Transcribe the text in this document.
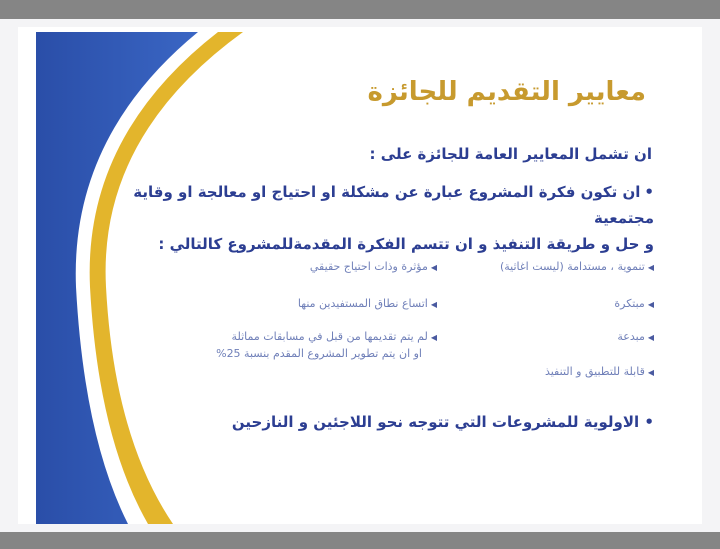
معايير التقديم للجائزة
ان تشمل المعايير العامة للجائزة على :
•ان تكون فكرة المشروع عبارة عن مشكلة او احتياج او معالجة او وقاية مجتمعية
و حل و طريقة التنفيذ و ان تتسم الفكرة المقدمةللمشروع كالتالي :
◀تنموية ، مستدامة (ليست اغاثية)
◀مبتكرة
◀مبدعة
◀قابلة للتطبيق و التنفيذ
◀مؤثرة وذات احتياج حقيقي
◀اتساع نطاق المستفيدين منها
◀لم يتم تقديمها من قبل في مسابقات مماثلة
او ان يتم تطوير المشروع المقدم بنسبة 25%
• الاولوية للمشروعات التي تتوجه نحو اللاجئين و النازحين
